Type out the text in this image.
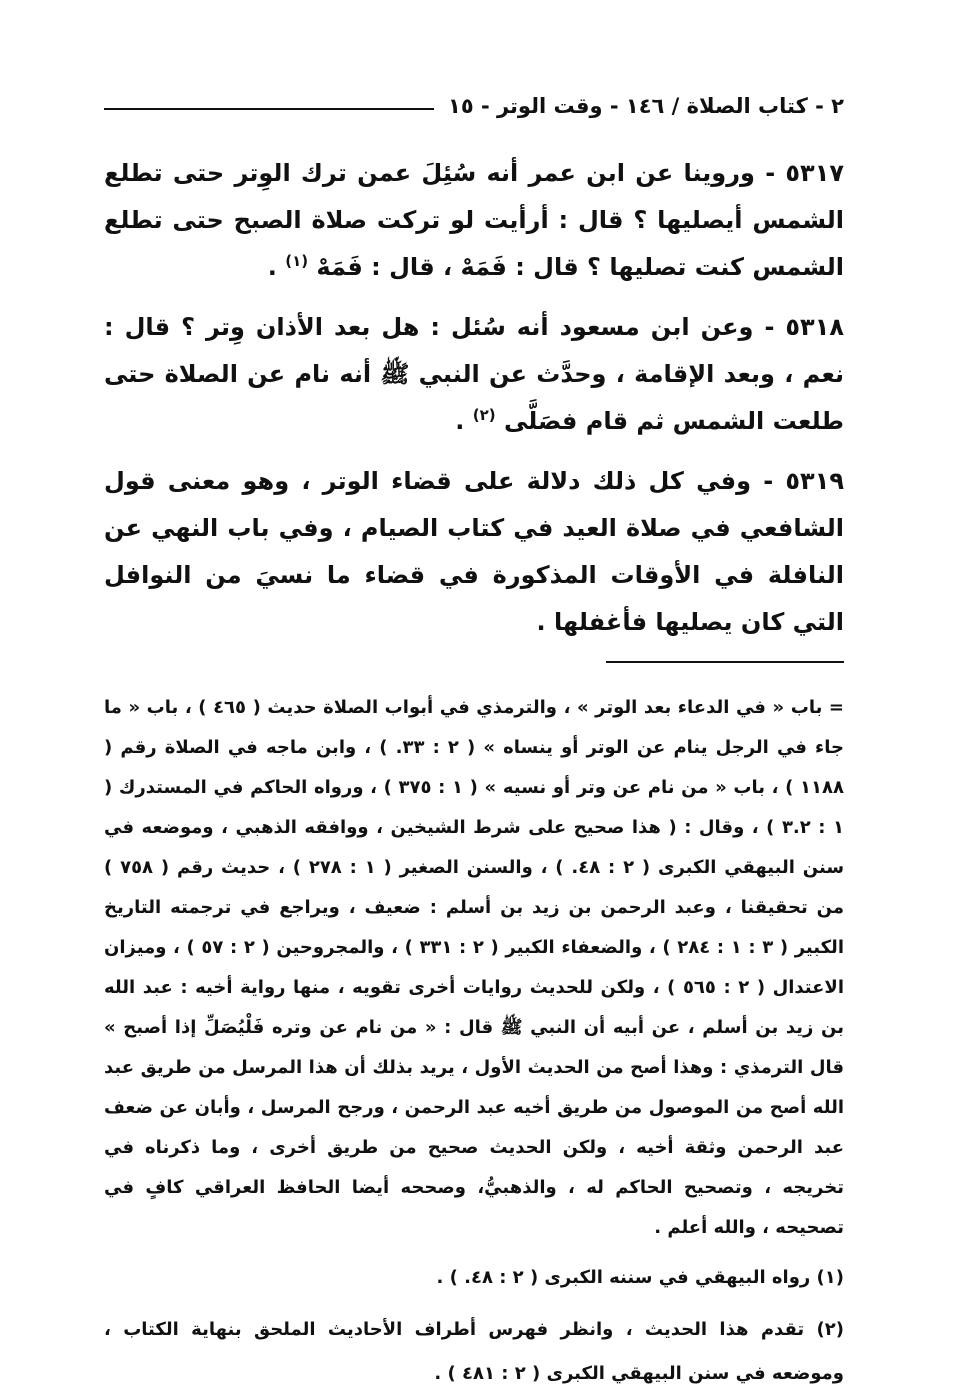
٢ - كتاب الصلاة / ١٤٦ - وقت الوتر - ١٥

٥٣١٧ - وروينا عن ابن عمر أنه سُئِلَ عمن ترك الوِتر حتى تطلع الشمس أيصليها ؟ قال : أرأيت لو تركت صلاة الصبح حتى تطلع الشمس كنت تصليها ؟ قال : فَمَهْ ، قال : فَمَهْ $^{(١)}$ .

٥٣١٨ - وعن ابن مسعود أنه سُئل : هل بعد الأذان وِتر ؟ قال : نعم ، وبعد الإقامة ، وحدَّث عن النبي ﷺ أنه نام عن الصلاة حتى طلعت الشمس ثم قام فصَلَّى $^{(٢)}$ .

٥٣١٩ - وفي كل ذلك دلالة على قضاء الوتر ، وهو معنى قول الشافعي في صلاة العيد في كتاب الصيام ، وفي باب النهي عن النافلة في الأوقات المذكورة في قضاء ما نسيَ من النوافل التي كان يصليها فأغفلها .

= باب « في الدعاء بعد الوتر » ، والترمذي في أبواب الصلاة حديث ( ٤٦٥ ) ، باب « ما جاء في الرجل ينام عن الوتر أو ينساه » ( ٢ : ٣٣. ) ، وابن ماجه في الصلاة رقم ( ١١٨٨ ) ، باب « من نام عن وتر أو نسيه » ( ١ : ٣٧٥ ) ، ورواه الحاكم في المستدرك ( ١ : ٣.٢ ) ، وقال : ( هذا صحيح على شرط الشيخين ، ووافقه الذهبي ، وموضعه في سنن البيهقي الكبرى ( ٢ : ٤٨. ) ، والسنن الصغير ( ١ : ٢٧٨ ) ، حديث رقم ( ٧٥٨ ) من تحقيقنا ، وعبد الرحمن بن زيد بن أسلم : ضعيف ، ويراجع في ترجمته التاريخ الكبير ( ٣ : ١ : ٢٨٤ ) ، والضعفاء الكبير ( ٢ : ٣٣١ ) ، والمجروحين ( ٢ : ٥٧ ) ، وميزان الاعتدال ( ٢ : ٥٦٥ ) ، ولكن للحديث روايات أخرى تقويه ، منها رواية أخيه : عبد الله بن زيد بن أسلم ، عن أبيه أن النبي ﷺ قال : « من نام عن وتره فَلْيُصَلِّ إذا أصبح » قال الترمذي : وهذا أصح من الحديث الأول ، يريد بذلك أن هذا المرسل من طريق عبد الله أصح من الموصول من طريق أخيه عبد الرحمن ، ورجح المرسل ، وأبان عن ضعف عبد الرحمن وثقة أخيه ، ولكن الحديث صحيح من طريق أخرى ، وما ذكرناه في تخريجه ، وتصحيح الحاكم له ، والذهبيُّ، وصححه أيضا الحافظ العراقي كافٍ في تصحيحه ، والله أعلم .

(١) رواه البيهقي في سننه الكبرى ( ٢ : ٤٨. ) .

(٢) تقدم هذا الحديث ، وانظر فهرس أطراف الأحاديث الملحق بنهاية الكتاب ، وموضعه في سنن البيهقي الكبرى ( ٢ : ٤٨١ ) .
